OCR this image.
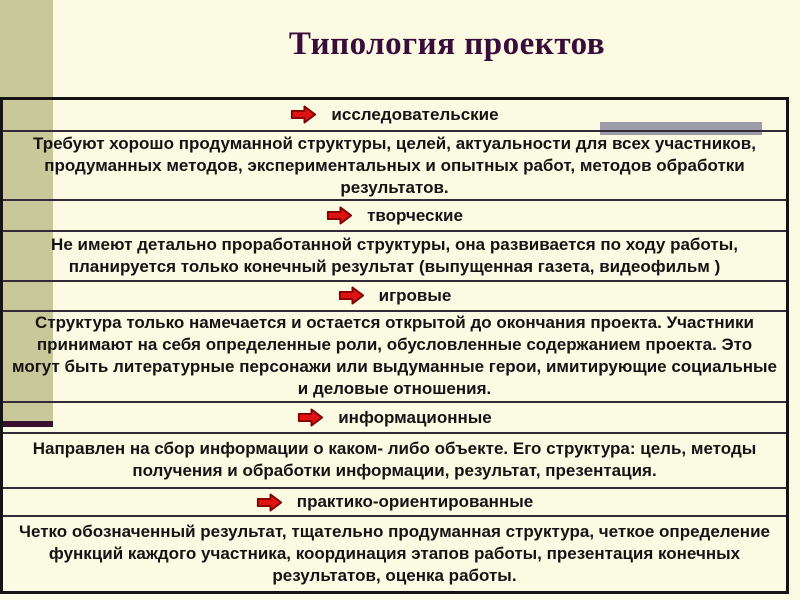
Типология проектов
исследовательские
Требуют хорошо продуманной структуры, целей, актуальности для всех участников, продуманных методов, экспериментальных и опытных работ, методов обработки результатов.
творческие
Не имеют детально проработанной структуры, она развивается по ходу работы, планируется только конечный результат (выпущенная газета, видеофильм )
игровые
Структура только намечается и остается открытой до окончания проекта. Участники принимают на себя определенные роли, обусловленные содержанием проекта. Это могут быть литературные персонажи или выдуманные герои, имитирующие социальные и деловые отношения.
информационные
Направлен на сбор информации о каком- либо объекте. Его структура: цель, методы получения и обработки информации, результат, презентация.
практико-ориентированные
Четко обозначенный результат, тщательно продуманная структура, четкое определение функций каждого участника, координация этапов работы, презентация конечных результатов, оценка работы.
